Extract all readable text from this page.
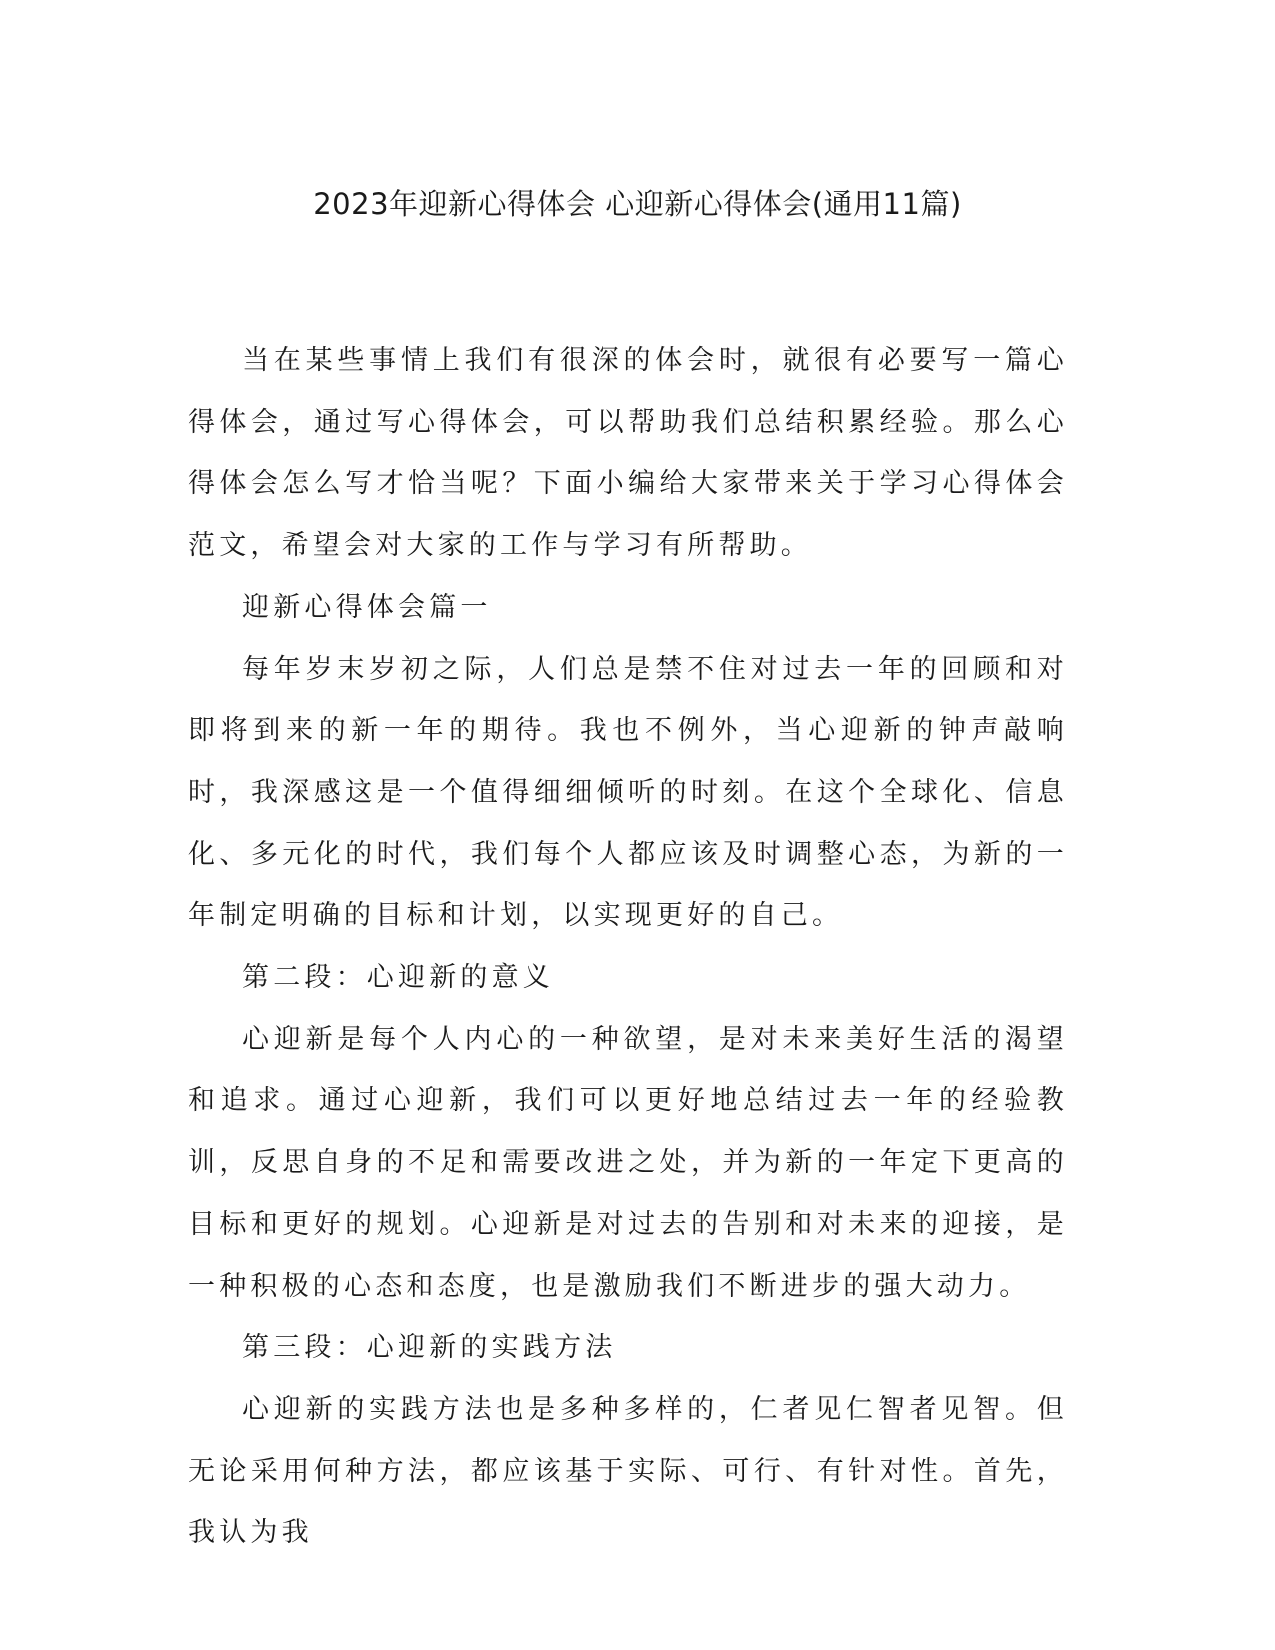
2023年迎新心得体会 心迎新心得体会(通用11篇)

当在某些事情上我们有很深的体会时，就很有必要写一篇心得体会，通过写心得体会，可以帮助我们总结积累经验。那么心得体会怎么写才恰当呢？下面小编给大家带来关于学习心得体会范文，希望会对大家的工作与学习有所帮助。

迎新心得体会篇一

每年岁末岁初之际，人们总是禁不住对过去一年的回顾和对即将到来的新一年的期待。我也不例外，当心迎新的钟声敲响时，我深感这是一个值得细细倾听的时刻。在这个全球化、信息化、多元化的时代，我们每个人都应该及时调整心态，为新的一年制定明确的目标和计划，以实现更好的自己。

第二段：心迎新的意义

心迎新是每个人内心的一种欲望，是对未来美好生活的渴望和追求。通过心迎新，我们可以更好地总结过去一年的经验教训，反思自身的不足和需要改进之处，并为新的一年定下更高的目标和更好的规划。心迎新是对过去的告别和对未来的迎接，是一种积极的心态和态度，也是激励我们不断进步的强大动力。

第三段：心迎新的实践方法

心迎新的实践方法也是多种多样的，仁者见仁智者见智。但无论采用何种方法，都应该基于实际、可行、有针对性。首先，我认为我
